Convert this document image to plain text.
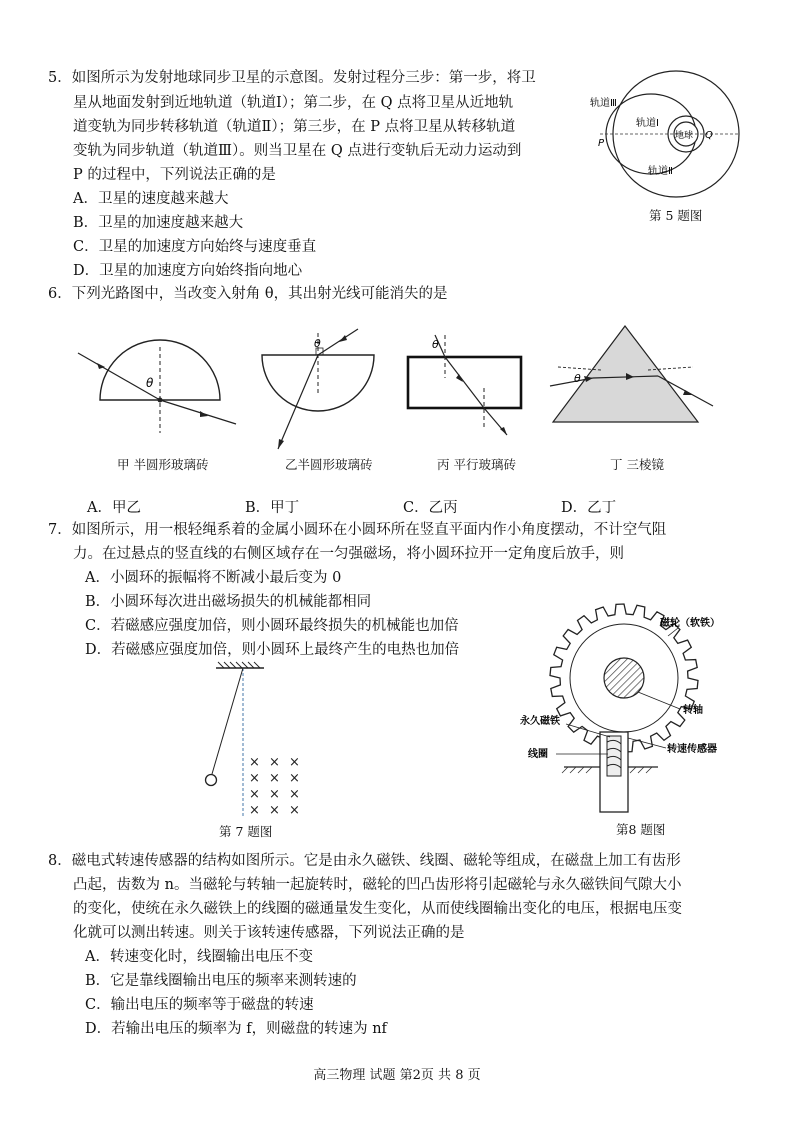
5．如图所示为发射地球同步卫星的示意图。发射过程分三步：第一步，将卫
星从地面发射到近地轨道（轨道Ⅰ）；第二步，在 Q 点将卫星从近地轨
道变轨为同步转移轨道（轨道Ⅱ）；第三步，在 P 点将卫星从转移轨道
变轨为同步轨道（轨道Ⅲ）。则当卫星在 Q 点进行变轨后无动力运动到
P 的过程中，下列说法正确的是
A．卫星的速度越来越大
B．卫星的加速度越来越大
C．卫星的加速度方向始终与速度垂直
D．卫星的加速度方向始终指向地心
轨道Ⅲ
轨道Ⅰ
轨道Ⅱ
地球
P
Q
第 5 题图
6．下列光路图中，当改变入射角 θ，其出射光线可能消失的是
θ
θ	θ
θ
甲 半圆形玻璃砖	乙半圆形玻璃砖	丙 平行玻璃砖	丁 三棱镜
A．甲乙	B．甲丁	C．乙丙	D．乙丁
7．如图所示，用一根轻绳系着的金属小圆环在小圆环所在竖直平面内作小角度摆动，不计空气阻
力。在过悬点的竖直线的右侧区域存在一匀强磁场，将小圆环拉开一定角度后放手，则
A．小圆环的振幅将不断减小最后变为 0
B．小圆环每次进出磁场损失的机械能都相同
C．若磁感应强度加倍，则小圆环最终损失的机械能也加倍
D．若磁感应强度加倍，则小圆环上最终产生的电热也加倍
× × ×
× × ×
× × ×
× × ×
第 7 题图
磁轮（软铁）
转轴
永久磁铁
线圈	转速传感器
第8 题图
8．磁电式转速传感器的结构如图所示。它是由永久磁铁、线圈、磁轮等组成，在磁盘上加工有齿形
凸起，齿数为 n。当磁轮与转轴一起旋转时，磁轮的凹凸齿形将引起磁轮与永久磁铁间气隙大小
的变化，使统在永久磁铁上的线圈的磁通量发生变化，从而使线圈输出变化的电压，根据电压变
化就可以测出转速。则关于该转速传感器，下列说法正确的是
A．转速变化时，线圈输出电压不变
B．它是靠线圈输出电压的频率来测转速的
C．输出电压的频率等于磁盘的转速
D．若输出电压的频率为 f，则磁盘的转速为 nf
高三物理 试题 第2页 共 8 页
